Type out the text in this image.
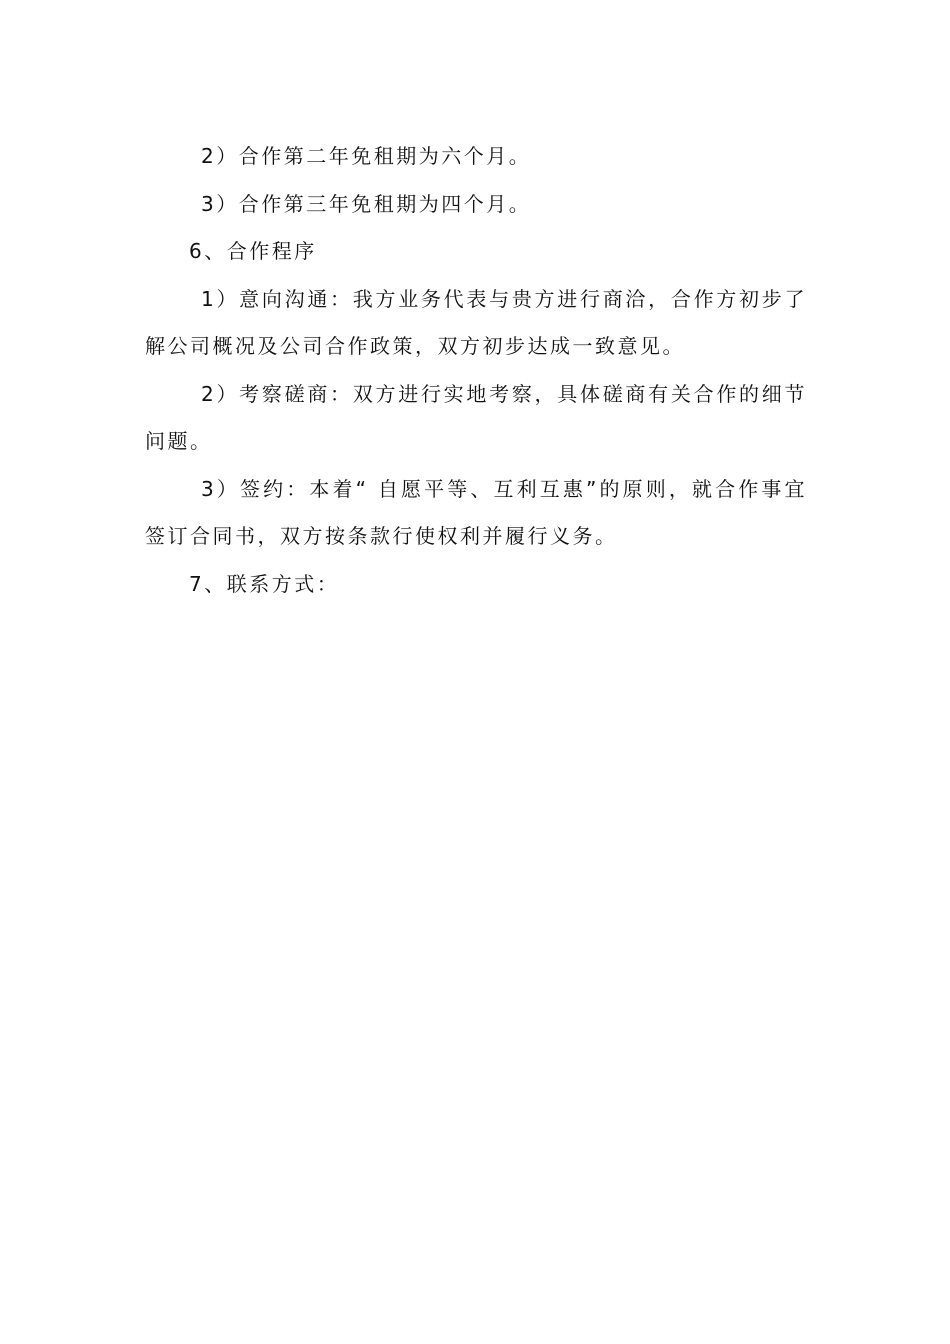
2）合作第二年免租期为六个月。

3）合作第三年免租期为四个月。

6、合作程序

1）意向沟通：我方业务代表与贵方进行商洽，合作方初步了解公司概况及公司合作政策，双方初步达成一致意见。

2）考察磋商：双方进行实地考察，具体磋商有关合作的细节问题。

3）签约：本着“ 自愿平等、互利互惠”的原则，就合作事宜签订合同书，双方按条款行使权利并履行义务。

7、联系方式：
